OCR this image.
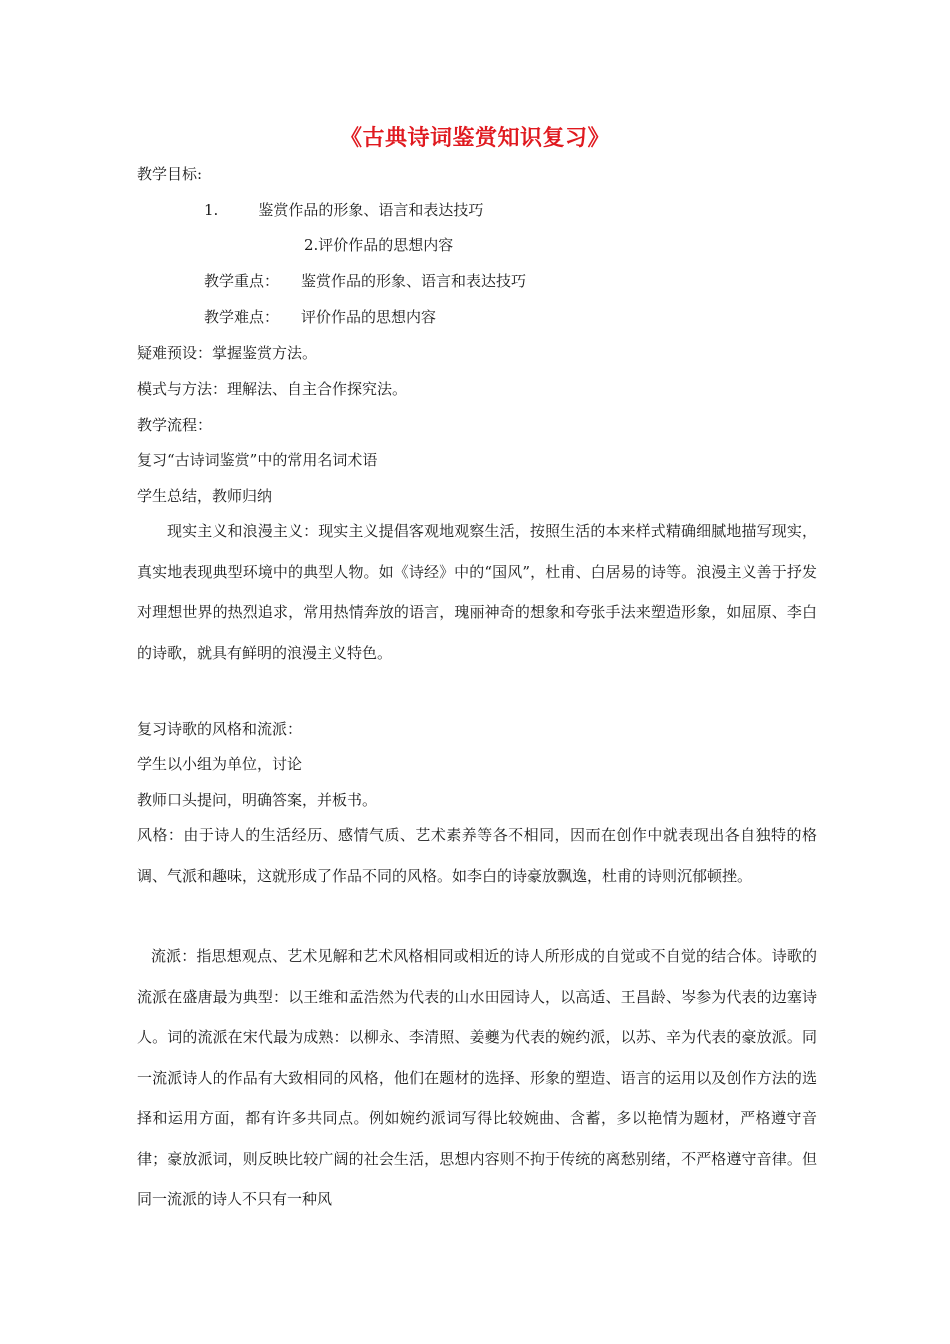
《古典诗词鉴赏知识复习》
教学目标:
1.	鉴赏作品的形象、语言和表达技巧
2.评价作品的思想内容
教学重点： 鉴赏作品的形象、语言和表达技巧
教学难点： 评价作品的思想内容
疑难预设：掌握鉴赏方法。
模式与方法：理解法、自主合作探究法。
教学流程：
复习“古诗词鉴赏”中的常用名词术语
学生总结，教师归纳

现实主义和浪漫主义：现实主义提倡客观地观察生活，按照生活的本来样式精确细腻地描写现实，真实地表现典型环境中的典型人物。如《诗经》中的“国风”，杜甫、白居易的诗等。浪漫主义善于抒发对理想世界的热烈追求，常用热情奔放的语言，瑰丽神奇的想象和夸张手法来塑造形象，如屈原、李白的诗歌，就具有鲜明的浪漫主义特色。

复习诗歌的风格和流派：
学生以小组为单位，讨论
教师口头提问，明确答案，并板书。

风格：由于诗人的生活经历、感情气质、艺术素养等各不相同，因而在创作中就表现出各自独特的格调、气派和趣味，这就形成了作品不同的风格。如李白的诗豪放飘逸，杜甫的诗则沉郁顿挫。

流派：指思想观点、艺术见解和艺术风格相同或相近的诗人所形成的自觉或不自觉的结合体。诗歌的流派在盛唐最为典型：以王维和孟浩然为代表的山水田园诗人，以高适、王昌龄、岑参为代表的边塞诗人。词的流派在宋代最为成熟：以柳永、李清照、姜夔为代表的婉约派，以苏、辛为代表的豪放派。同一流派诗人的作品有大致相同的风格，他们在题材的选择、形象的塑造、语言的运用以及创作方法的选择和运用方面，都有许多共同点。例如婉约派词写得比较婉曲、含蓄，多以艳情为题材，严格遵守音律；豪放派词，则反映比较广阔的社会生活，思想内容则不拘于传统的离愁别绪，不严格遵守音律。但同一流派的诗人不只有一种风
